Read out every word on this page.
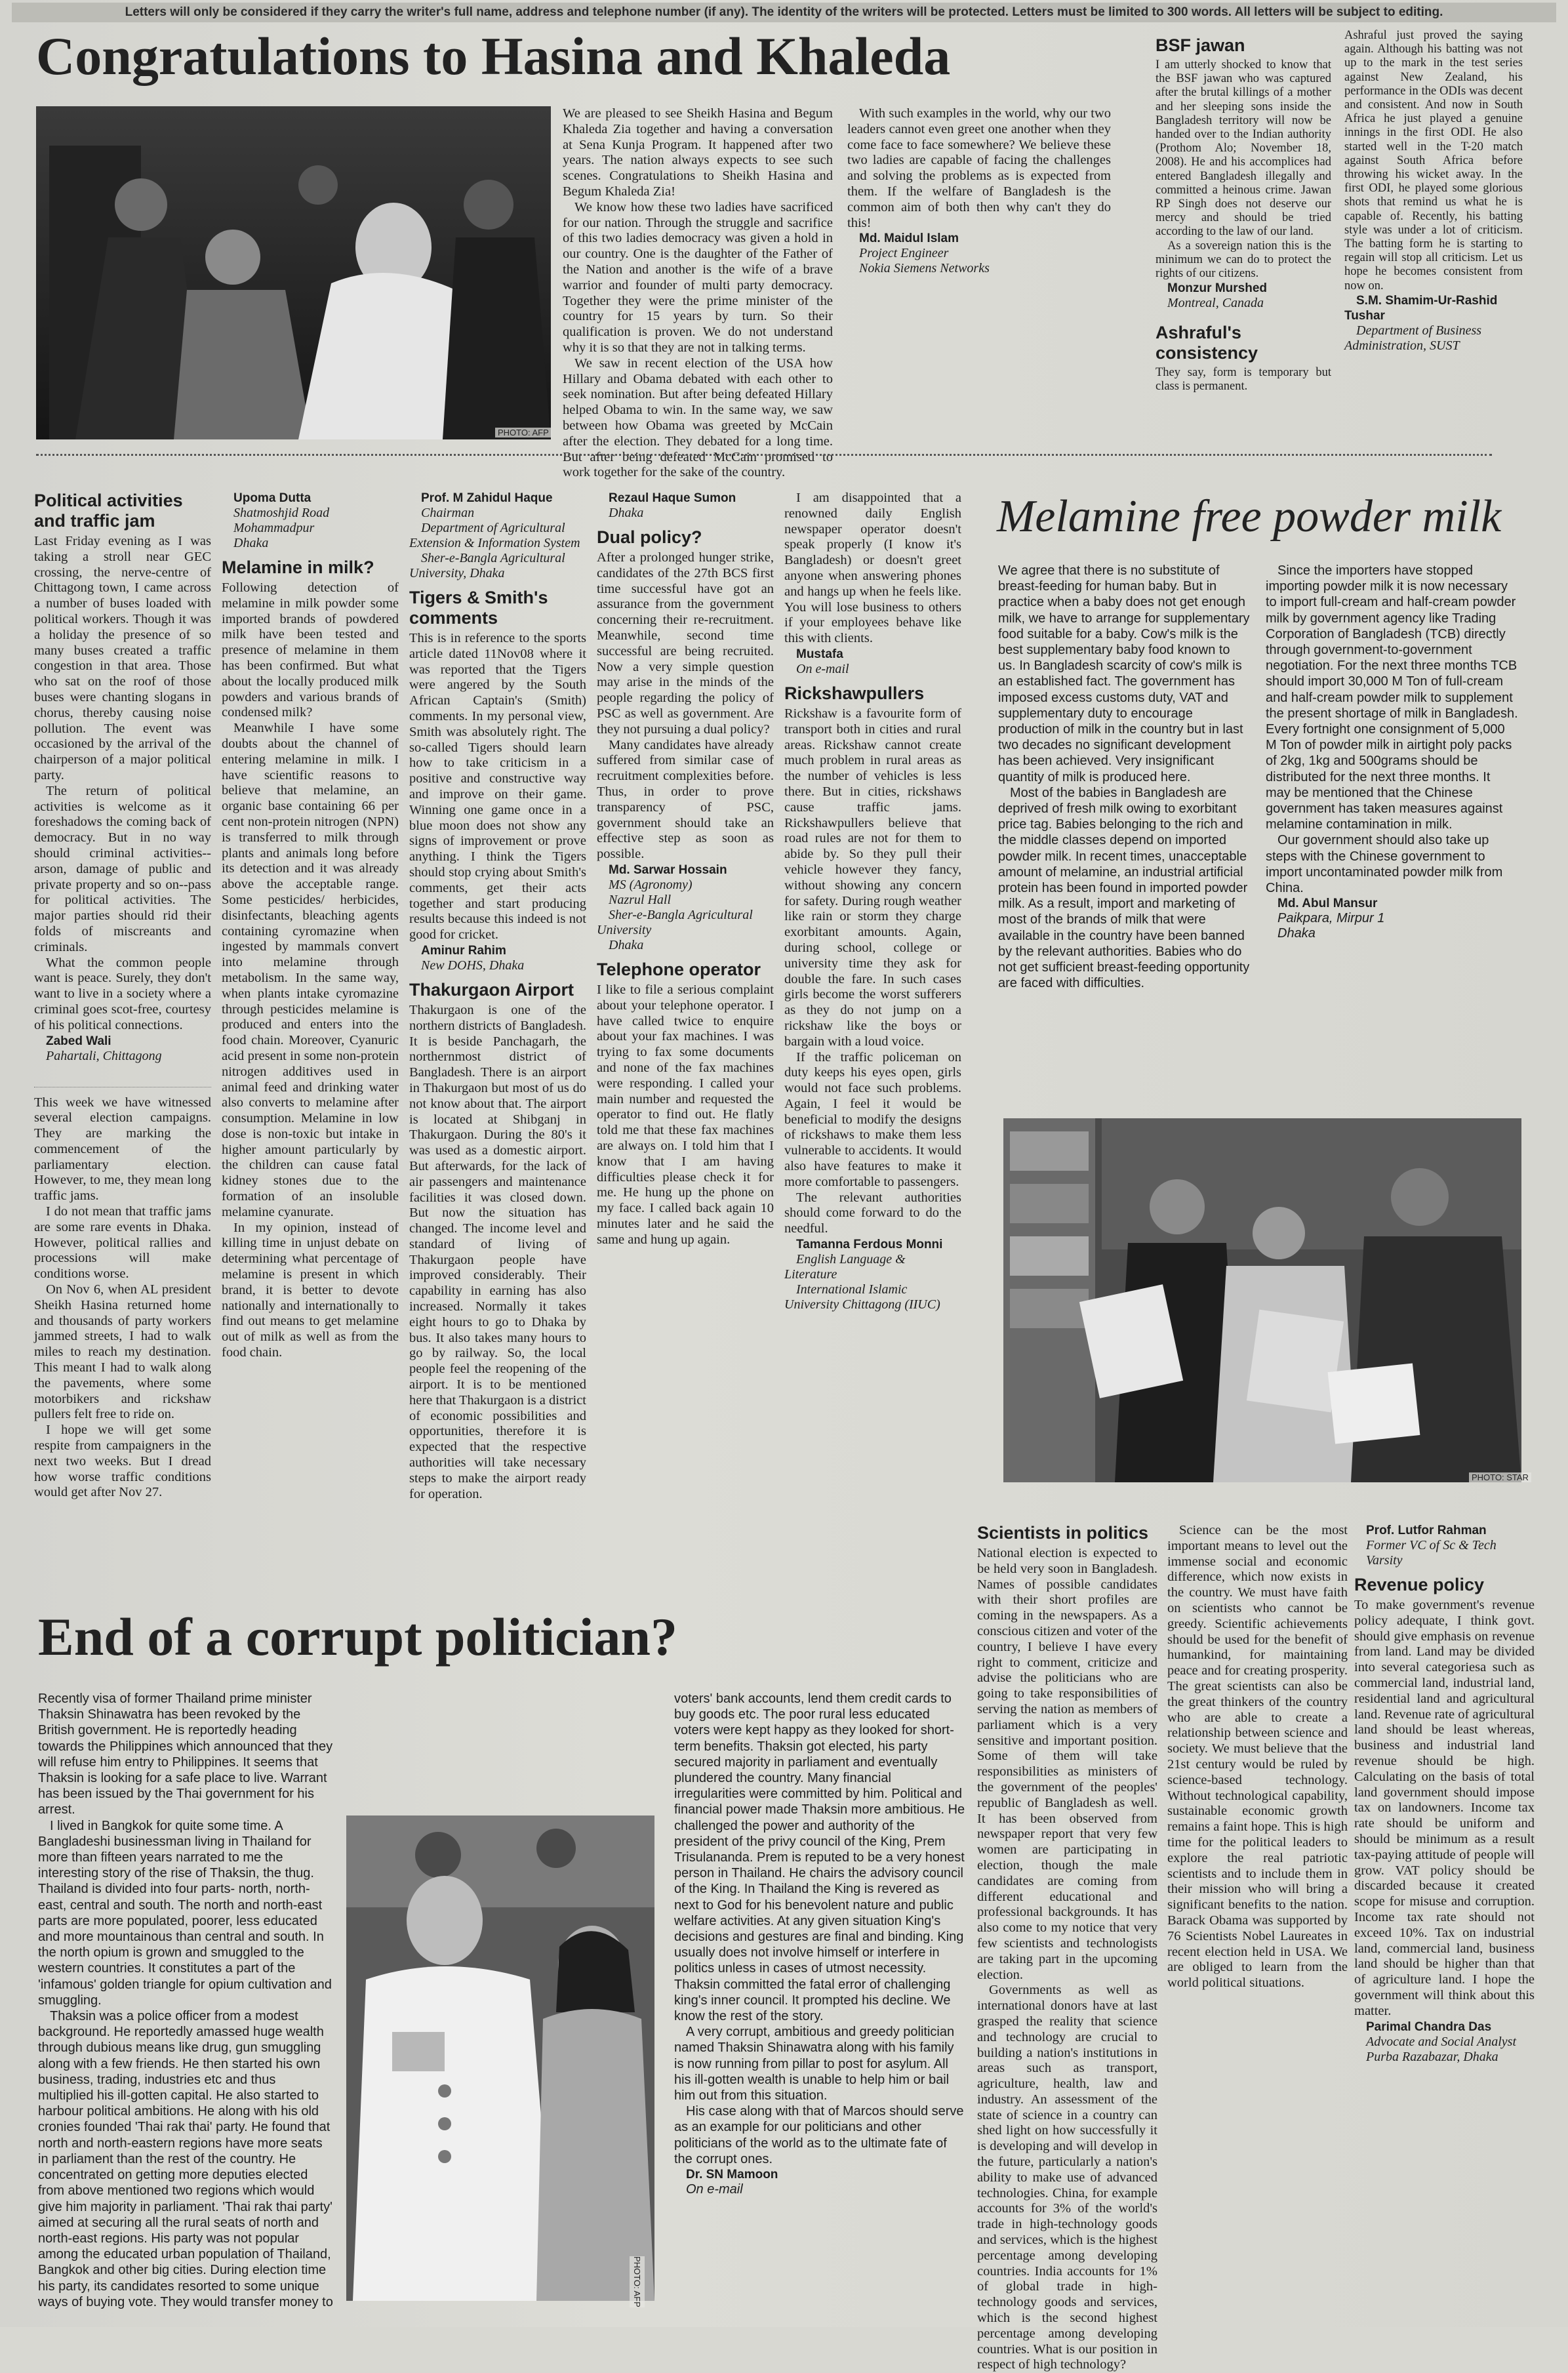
Letters will only be considered if they carry the writer's full name, address and telephone number (if any). The identity of the writers will be protected. Letters must be limited to 300 words. All letters will be subject to editing.
Congratulations to Hasina and Khaleda
PHOTO: AFP

We are pleased to see Sheikh Hasina and Begum Khaleda Zia together and having a conversation at Sena Kunja Program. It happened after two years. The nation always expects to see such scenes. Congratulations to Sheikh Hasina and Begum Khaleda Zia!

We know how these two ladies have sacrificed for our nation. Through the struggle and sacrifice of this two ladies democracy was given a hold in our country. One is the daughter of the Father of the Nation and another is the wife of a brave warrior and founder of multi party democracy. Together they were the prime minister of the country for 15 years by turn. So their qualification is proven. We do not understand why it is so that they are not in talking terms.

We saw in recent election of the USA how Hillary and Obama debated with each other to seek nomination. But after being defeated Hillary helped Obama to win. In the same way, we saw between how Obama was greeted by McCain after the election. They debated for a long time. But after being defeated McCain promised to work together for the sake of the country.

With such examples in the world, why our two leaders cannot even greet one another when they come face to face somewhere? We believe these two ladies are capable of facing the challenges and solving the problems as is expected from them. If the welfare of Bangladesh is the common aim of both then why can't they do this!

Md. Maidul Islam

Project Engineer

Nokia Siemens Networks

BSF jawan

I am utterly shocked to know that the BSF jawan who was captured after the brutal killings of a mother and her sleeping sons inside the Bangladesh territory will now be handed over to the Indian authority (Prothom Alo; November 18, 2008). He and his accomplices had entered Bangladesh illegally and committed a heinous crime. Jawan RP Singh does not deserve our mercy and should be tried according to the law of our land.

As a sovereign nation this is the minimum we can do to protect the rights of our citizens.

Monzur Murshed

Montreal, Canada

Ashraful's consistency

They say, form is temporary but class is permanent.

Ashraful just proved the saying again. Although his batting was not up to the mark in the test series against New Zealand, his performance in the ODIs was decent and consistent. And now in South Africa he just played a genuine innings in the first ODI. He also started well in the T-20 match against South Africa before throwing his wicket away. In the first ODI, he played some glorious shots that remind us what he is capable of. Recently, his batting style was under a lot of criticism. The batting form he is starting to regain will stop all criticism. Let us hope he becomes consistent from now on.

S.M. Shamim-Ur-Rashid Tushar

Department of Business Administration, SUST

Political activities and traffic jam

Last Friday evening as I was taking a stroll near GEC crossing, the nerve-centre of Chittagong town, I came across a number of buses loaded with political workers. Though it was a holiday the presence of so many buses created a traffic congestion in that area. Those who sat on the roof of those buses were chanting slogans in chorus, thereby causing noise pollution. The event was occasioned by the arrival of the chairperson of a major political party.

The return of political activities is welcome as it foreshadows the coming back of democracy. But in no way should criminal activities--arson, damage of public and private property and so on--pass for political activities. The major parties should rid their folds of miscreants and criminals.

What the common people want is peace. Surely, they don't want to live in a society where a criminal goes scot-free, courtesy of his political connections.

Zabed Wali

Pahartali, Chittagong

This week we have witnessed several election campaigns. They are marking the commencement of the parliamentary election. However, to me, they mean long traffic jams.

I do not mean that traffic jams are some rare events in Dhaka. However, political rallies and processions will make conditions worse.

On Nov 6, when AL president Sheikh Hasina returned home and thousands of party workers jammed streets, I had to walk miles to reach my destination. This meant I had to walk along the pavements, where some motorbikers and rickshaw pullers felt free to ride on.

I hope we will get some respite from campaigners in the next two weeks. But I dread how worse traffic conditions would get after Nov 27.

Upoma Dutta

Shatmoshjid Road

Mohammadpur

Dhaka

Melamine in milk?

Following detection of melamine in milk powder some imported brands of powdered milk have been tested and presence of melamine in them has been confirmed. But what about the locally produced milk powders and various brands of condensed milk?

Meanwhile I have some doubts about the channel of entering melamine in milk. I have scientific reasons to believe that melamine, an organic base containing 66 per cent non-protein nitrogen (NPN) is transferred to milk through plants and animals long before its detection and it was already above the acceptable range. Some pesticides/ herbicides, disinfectants, bleaching agents containing cyromazine when ingested by mammals convert into melamine through metabolism. In the same way, when plants intake cyromazine through pesticides melamine is produced and enters into the food chain. Moreover, Cyanuric acid present in some non-protein nitrogen additives used in animal feed and drinking water also converts to melamine after consumption. Melamine in low dose is non-toxic but intake in higher amount particularly by the children can cause fatal kidney stones due to the formation of an insoluble melamine cyanurate.

In my opinion, instead of killing time in unjust debate on determining what percentage of melamine is present in which brand, it is better to devote nationally and internationally to find out means to get melamine out of milk as well as from the food chain.

Prof. M Zahidul Haque

Chairman

Department of Agricultural Extension & Information System

Sher-e-Bangla Agricultural University, Dhaka

Tigers & Smith's comments

This is in reference to the sports article dated 11Nov08 where it was reported that the Tigers were angered by the South African Captain's (Smith) comments. In my personal view, Smith was absolutely right. The so-called Tigers should learn how to take criticism in a positive and constructive way and improve on their game. Winning one game once in a blue moon does not show any signs of improvement or prove anything. I think the Tigers should stop crying about Smith's comments, get their acts together and start producing results because this indeed is not good for cricket.

Aminur Rahim

New DOHS, Dhaka

Thakurgaon Airport

Thakurgaon is one of the northern districts of Bangladesh. It is beside Panchagarh, the northernmost district of Bangladesh. There is an airport in Thakurgaon but most of us do not know about that. The airport is located at Shibganj in Thakurgaon. During the 80's it was used as a domestic airport. But afterwards, for the lack of air passengers and maintenance facilities it was closed down. But now the situation has changed. The income level and standard of living of Thakurgaon people have improved considerably. Their capability in earning has also increased. Normally it takes eight hours to go to Dhaka by bus. It also takes many hours to go by railway. So, the local people feel the reopening of the airport. It is to be mentioned here that Thakurgaon is a district of economic possibilities and opportunities, therefore it is expected that the respective authorities will take necessary steps to make the airport ready for operation.

Rezaul Haque Sumon

Dhaka

Dual policy?

After a prolonged hunger strike, candidates of the 27th BCS first time successful have got an assurance from the government concerning their re-recruitment. Meanwhile, second time successful are being recruited. Now a very simple question may arise in the minds of the people regarding the policy of PSC as well as government. Are they not pursuing a dual policy?

Many candidates have already suffered from similar case of recruitment complexities before. Thus, in order to prove transparency of PSC, government should take an effective step as soon as possible.

Md. Sarwar Hossain

MS (Agronomy)

Nazrul Hall

Sher-e-Bangla Agricultural University

Dhaka

Telephone operator

I like to file a serious complaint about your telephone operator. I have called twice to enquire about your fax machines. I was trying to fax some documents and none of the fax machines were responding. I called your main number and requested the operator to find out. He flatly told me that these fax machines are always on. I told him that I know that I am having difficulties please check it for me. He hung up the phone on my face. I called back again 10 minutes later and he said the same and hung up again.

I am disappointed that a renowned daily English newspaper operator doesn't speak properly (I know it's Bangladesh) or doesn't greet anyone when answering phones and hangs up when he feels like. You will lose business to others if your employees behave like this with clients.

Mustafa

On e-mail

Rickshawpullers

Rickshaw is a favourite form of transport both in cities and rural areas. Rickshaw cannot create much problem in rural areas as the number of vehicles is less there. But in cities, rickshaws cause traffic jams. Rickshawpullers believe that road rules are not for them to abide by. So they pull their vehicle however they fancy, without showing any concern for safety. During rough weather like rain or storm they charge exorbitant amounts. Again, during school, college or university time they ask for double the fare. In such cases girls become the worst sufferers as they do not jump on a rickshaw like the boys or bargain with a loud voice.

If the traffic policeman on duty keeps his eyes open, girls would not face such problems. Again, I feel it would be beneficial to modify the designs of rickshaws to make them less vulnerable to accidents. It would also have features to make it more comfortable to passengers.

The relevant authorities should come forward to do the needful.

Tamanna Ferdous Monni

English Language & Literature

International Islamic University Chittagong (IIUC)

Melamine free powder milk

We agree that there is no substitute of breast-feeding for human baby. But in practice when a baby does not get enough milk, we have to arrange for supplementary food suitable for a baby. Cow's milk is the best supplementary baby food known to us. In Bangladesh scarcity of cow's milk is an established fact. The government has imposed excess customs duty, VAT and supplementary duty to encourage production of milk in the country but in last two decades no significant development has been achieved. Very insignificant quantity of milk is produced here.

Most of the babies in Bangladesh are deprived of fresh milk owing to exorbitant price tag. Babies belonging to the rich and the middle classes depend on imported powder milk. In recent times, unacceptable amount of melamine, an industrial artificial protein has been found in imported powder milk. As a result, import and marketing of most of the brands of milk that were available in the country have been banned by the relevant authorities. Babies who do not get sufficient breast-feeding opportunity are faced with difficulties.

Since the importers have stopped importing powder milk it is now necessary to import full-cream and half-cream powder milk by government agency like Trading Corporation of Bangladesh (TCB) directly through government-to-government negotiation. For the next three months TCB should import 30,000 M Ton of full-cream and half-cream powder milk to supplement the present shortage of milk in Bangladesh. Every fortnight one consignment of 5,000 M Ton of powder milk in airtight poly packs of 2kg, 1kg and 500grams should be distributed for the next three months. It may be mentioned that the Chinese government has taken measures against melamine contamination in milk.

Our government should also take up steps with the Chinese government to import uncontaminated powder milk from China.

Md. Abul Mansur

Paikpara, Mirpur 1

Dhaka

PHOTO: STAR
Scientists in politics

National election is expected to be held very soon in Bangladesh. Names of possible candidates with their short profiles are coming in the newspapers. As a conscious citizen and voter of the country, I believe I have every right to comment, criticize and advise the politicians who are going to take responsibilities of serving the nation as members of parliament which is a very sensitive and important position. Some of them will take responsibilities as ministers of the government of the peoples' republic of Bangladesh as well. It has been observed from newspaper report that very few women are participating in election, though the male candidates are coming from different educational and professional backgrounds. It has also come to my notice that very few scientists and technologists are taking part in the upcoming election.

Governments as well as international donors have at last grasped the reality that science and technology are crucial to building a nation's institutions in areas such as transport, agriculture, health, law and industry. An assessment of the state of science in a country can shed light on how successfully it is developing and will develop in the future, particularly a nation's ability to make use of advanced technologies. China, for example accounts for 3% of the world's trade in high-technology goods and services, which is the highest percentage among developing countries. India accounts for 1% of global trade in high-technology goods and services, which is the second highest percentage among developing countries. What is our position in respect of high technology?

Science can be the most important means to level out the immense social and economic difference, which now exists in the country. We must have faith on scientists who cannot be greedy. Scientific achievements should be used for the benefit of humankind, for maintaining peace and for creating prosperity. The great scientists can also be the great thinkers of the country who are able to create a relationship between science and society. We must believe that the 21st century would be ruled by science-based technology. Without technological capability, sustainable economic growth remains a faint hope. This is high time for the political leaders to explore the real patriotic scientists and to include them in their mission who will bring a significant benefits to the nation. Barack Obama was supported by 76 Scientists Nobel Laureates in recent election held in USA. We are obliged to learn from the world political situations.

Prof. Lutfor Rahman

Former VC of Sc & Tech

Varsity

Revenue policy

To make government's revenue policy adequate, I think govt. should give emphasis on revenue from land. Land may be divided into several categoriesa such as commercial land, industrial land, residential land and agricultural land. Revenue rate of agricultural land should be least whereas, business and industrial land revenue should be high. Calculating on the basis of total land government should impose tax on landowners. Income tax rate should be uniform and should be minimum as a result tax-paying attitude of people will grow. VAT policy should be discarded because it created scope for misuse and corruption. Income tax rate should not exceed 10%. Tax on industrial land, commercial land, business land should be higher than that of agriculture land. I hope the government will think about this matter.

Parimal Chandra Das

Advocate and Social Analyst

Purba Razabazar, Dhaka

End of a corrupt politician?

Recently visa of former Thailand prime minister Thaksin Shinawatra has been revoked by the British government. He is reportedly heading towards the Philippines which announced that they will refuse him entry to Philippines. It seems that Thaksin is looking for a safe place to live. Warrant has been issued by the Thai government for his arrest.

I lived in Bangkok for quite some time. A Bangladeshi businessman living in Thailand for more than fifteen years narrated to me the interesting story of the rise of Thaksin, the thug. Thailand is divided into four parts- north, north-east, central and south. The north and north-east parts are more populated, poorer, less educated and more mountainous than central and south. In the north opium is grown and smuggled to the western countries. It constitutes a part of the 'infamous' golden triangle for opium cultivation and smuggling.

Thaksin was a police officer from a modest background. He reportedly amassed huge wealth through dubious means like drug, gun smuggling along with a few friends. He then started his own business, trading, industries etc and thus multiplied his ill-gotten capital. He also started to harbour political ambitions. He along with his old cronies founded 'Thai rak thai' party. He found that north and north-eastern regions have more seats in parliament than the rest of the country. He concentrated on getting more deputies elected from above mentioned two regions which would give him majority in parliament. 'Thai rak thai party' aimed at securing all the rural seats of north and north-east regions. His party was not popular among the educated urban population of Thailand, Bangkok and other big cities. During election time his party, its candidates resorted to some unique ways of buying vote. They would transfer money to

voters' bank accounts, lend them credit cards to buy goods etc. The poor rural less educated voters were kept happy as they looked for short-term benefits. Thaksin got elected, his party secured majority in parliament and eventually plundered the country. Many financial irregularities were committed by him. Political and financial power made Thaksin more ambitious. He challenged the power and authority of the president of the privy council of the King, Prem Trisulananda. Prem is reputed to be a very honest person in Thailand. He chairs the advisory council of the King. In Thailand the King is revered as next to God for his benevolent nature and public welfare activities. At any given situation King's decisions and gestures are final and binding. King usually does not involve himself or interfere in politics unless in cases of utmost necessity. Thaksin committed the fatal error of challenging king's inner council. It prompted his decline. We know the rest of the story.

A very corrupt, ambitious and greedy politician named Thaksin Shinawatra along with his family is now running from pillar to post for asylum. All his ill-gotten wealth is unable to help him or bail him out from this situation.

His case along with that of Marcos should serve as an example for our politicians and other politicians of the world as to the ultimate fate of the corrupt ones.

Dr. SN Mamoon

On e-mail

PHOTO: AFP
